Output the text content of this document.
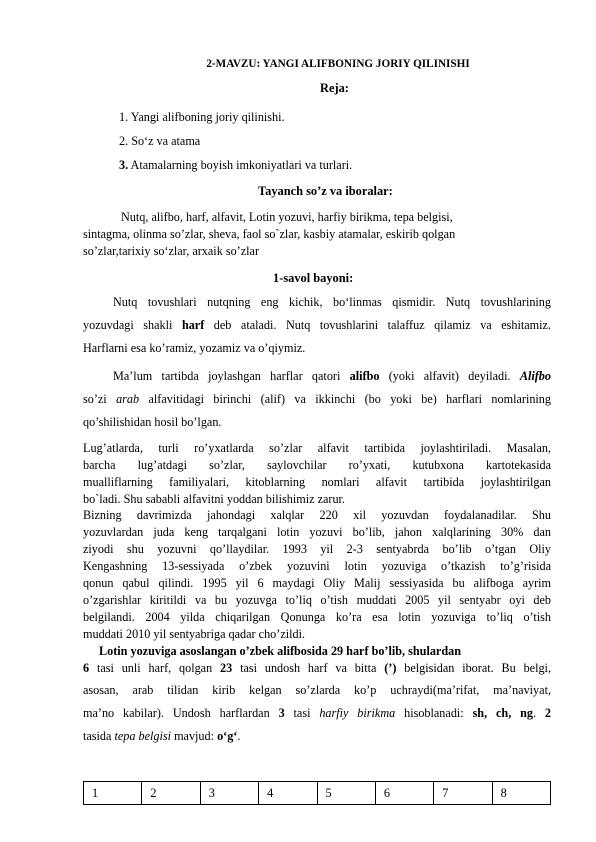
2-MAVZU: YANGI ALIFBONING JORIY QILINISHI
Reja:
1. Yangi alifboning joriy qilinishi.
2. So‘z va atama
3. Atamalarning boyish imkoniyatlari va turlari.
Tayanch so’z va iboralar:
Nutq, alifbo, harf, alfavit, Lotin yozuvi, harfiy birikma, tepa belgisi,
sintagma, olinma so’zlar, sheva, faol so`zlar, kasbiy atamalar, eskirib qolgan
so’zlar,tarixiy so‘zlar, arxaik so’zlar
1-savol bayoni:
Nutq tovushlari nutqning eng kichik, bo‘linmas qismidir. Nutq tovushlarining
yozuvdagi shakli harf deb ataladi. Nutq tovushlarini talaffuz qilamiz va eshitamiz.
Harflarni esa ko’ramiz, yozamiz va o’qiymiz.
Ma’lum tartibda joylashgan harflar qatori alifbo (yoki alfavit) deyiladi. Alifbo
so’zi arab alfavitidagi birinchi (alif) va ikkinchi (bo yoki be) harflari nomlarining
qo’shilishidan hosil bo’lgan.
Lug’atlarda, turli ro’yxatlarda so’zlar alfavit tartibida joylashtiriladi. Masalan,
barcha lug’atdagi so’zlar, saylovchilar ro’yxati, kutubxona kartotekasida
mualliflarning familiyalari, kitoblarning nomlari alfavit tartibida joylashtirilgan
bo`ladi. Shu sababli alfavitni yoddan bilishimiz zarur.
Bizning davrimizda jahondagi xalqlar 220 xil yozuvdan foydalanadilar. Shu
yozuvlardan juda keng tarqalgani lotin yozuvi bo’lib, jahon xalqlarining 30% dan
ziyodi shu yozuvni qo’llaydilar. 1993 yil 2-3 sentyabrda bo’lib o’tgan Oliy
Kengashning 13-sessiyada o’zbek yozuvini lotin yozuviga o’tkazish to’g’risida
qonun qabul qilindi. 1995 yil 6 maydagi Oliy Malij sessiyasida bu alifboga ayrim
o’zgarishlar kiritildi va bu yozuvga to’liq o’tish muddati 2005 yil sentyabr oyi deb
belgilandi. 2004 yilda chiqarilgan Qonunga ko’ra esa lotin yozuviga to’liq o’tish
muddati 2010 yil sentyabriga qadar cho’zildi.
Lotin yozuviga asoslangan o’zbek alifbosida 29 harf bo’lib, shulardan
6 tasi unli harf, qolgan 23 tasi undosh harf va bitta (’) belgisidan iborat. Bu belgi,
asosan, arab tilidan kirib kelgan so’zlarda ko’p uchraydi(ma’rifat, ma’naviyat,
ma’no kabilar). Undosh harflardan 3 tasi harfiy birikma hisoblanadi: sh, ch, ng. 2
tasida tepa belgisi mavjud: o‘g‘.
1	2	3	4	5	6	7	8
